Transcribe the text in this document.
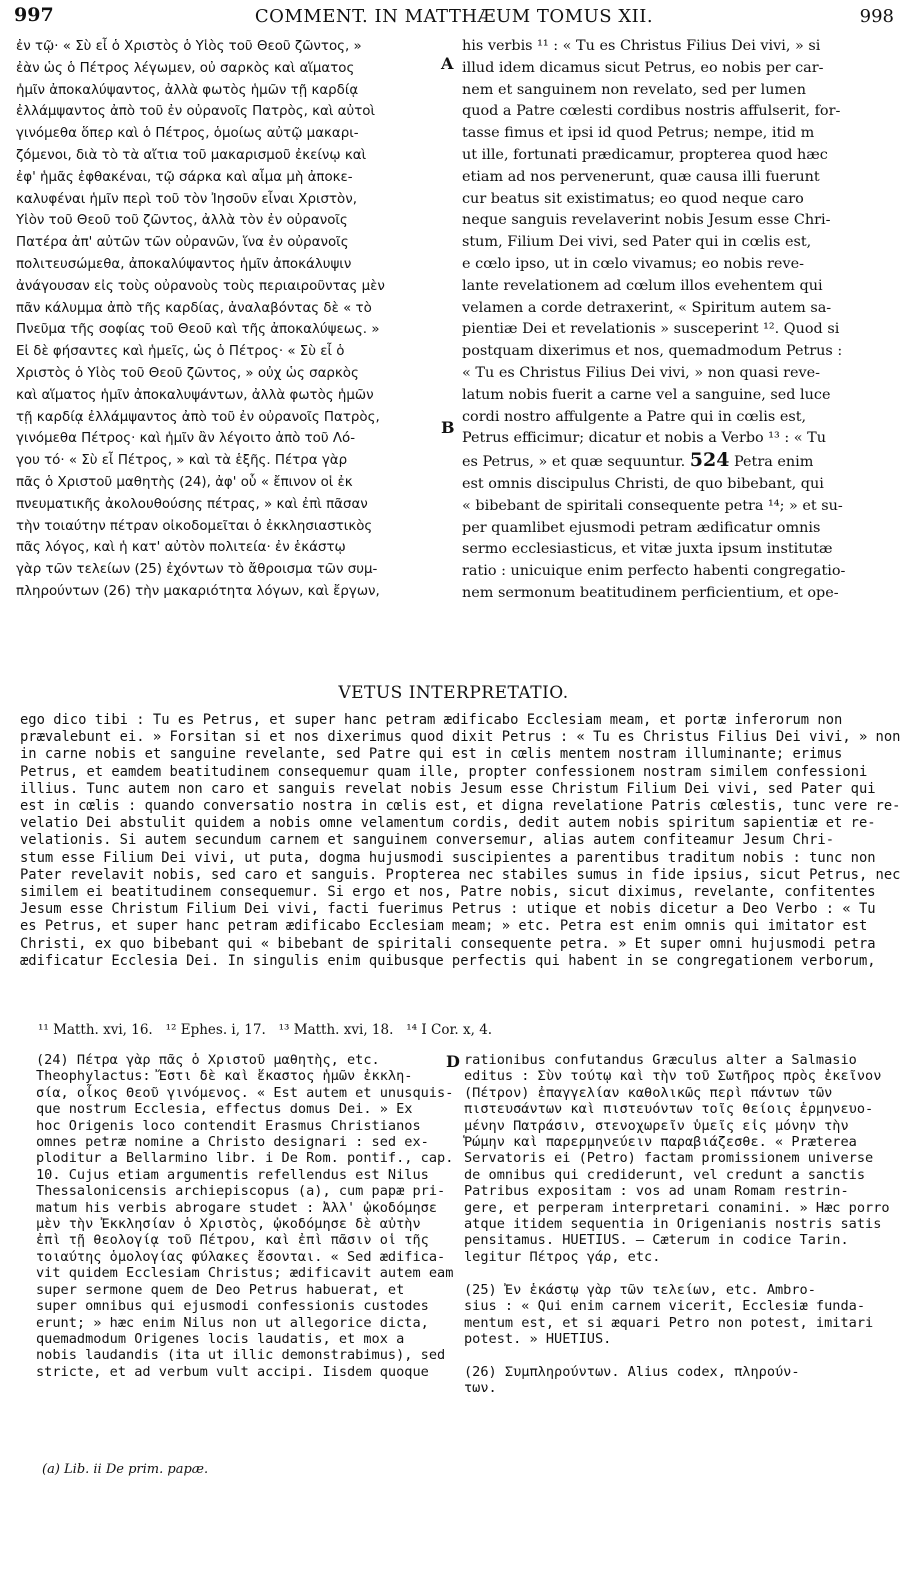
997	COMMENT. IN MATTHÆUM TOMUS XII.	998
ἐν τῷ· « Σὺ εἶ ὁ Χριστὸς ὁ Υἱὸς τοῦ Θεοῦ ζῶντος, »
ἐὰν ὡς ὁ Πέτρος λέγωμεν, οὐ σαρκὸς καὶ αἵματος
ἡμῖν ἀποκαλύψαντος, ἀλλὰ φωτὸς ἡμῶν τῇ καρδίᾳ
ἐλλάμψαντος ἀπὸ τοῦ ἐν οὐρανοῖς Πατρὸς, καὶ αὐτοὶ
γινόμεθα ὅπερ καὶ ὁ Πέτρος, ὁμοίως αὐτῷ μακαρι-
ζόμενοι, διὰ τὸ τὰ αἴτια τοῦ μακαρισμοῦ ἐκείνῳ καὶ
ἐφ' ἡμᾶς ἐφθακέναι, τῷ σάρκα καὶ αἷμα μὴ ἀποκε-
καλυφέναι ἡμῖν περὶ τοῦ τὸν Ἰησοῦν εἶναι Χριστὸν,
Υἱὸν τοῦ Θεοῦ τοῦ ζῶντος, ἀλλὰ τὸν ἐν οὐρανοῖς
Πατέρα ἀπ' αὐτῶν τῶν οὐρανῶν, ἵνα ἐν οὐρανοῖς
πολιτευσώμεθα, ἀποκαλύψαντος ἡμῖν ἀποκάλυψιν
ἀνάγουσαν εἰς τοὺς οὐρανοὺς τοὺς περιαιροῦντας μὲν
πᾶν κάλυμμα ἀπὸ τῆς καρδίας, ἀναλαβόντας δὲ « τὸ
Πνεῦμα τῆς σοφίας τοῦ Θεοῦ καὶ τῆς ἀποκαλύψεως. »
Εἰ δὲ φήσαντες καὶ ἡμεῖς, ὡς ὁ Πέτρος· « Σὺ εἶ ὁ
Χριστὸς ὁ Υἱὸς τοῦ Θεοῦ ζῶντος, » οὐχ ὡς σαρκὸς
καὶ αἵματος ἡμῖν ἀποκαλυψάντων, ἀλλὰ φωτὸς ἡμῶν
τῇ καρδίᾳ ἐλλάμψαντος ἀπὸ τοῦ ἐν οὐρανοῖς Πατρὸς,
γινόμεθα Πέτρος· καὶ ἡμῖν ἂν λέγοιτο ἀπὸ τοῦ Λό-
γου τό· « Σὺ εἶ Πέτρος, » καὶ τὰ ἑξῆς. Πέτρα γὰρ
πᾶς ὁ Χριστοῦ μαθητὴς (24), ἀφ' οὗ « ἔπινον οἱ ἐκ
πνευματικῆς ἀκολουθούσης πέτρας, » καὶ ἐπὶ πᾶσαν
τὴν τοιαύτην πέτραν οἰκοδομεῖται ὁ ἐκκλησιαστικὸς
πᾶς λόγος, καὶ ἡ κατ' αὐτὸν πολιτεία· ἐν ἑκάστῳ
γὰρ τῶν τελείων (25) ἐχόντων τὸ ἄθροισμα τῶν συμ-
πληρούντων (26) τὴν μακαριότητα λόγων, καὶ ἔργων,
A
B
his verbis ¹¹ : « Tu es Christus Filius Dei vivi, » si
illud idem dicamus sicut Petrus, eo nobis per car-
nem et sanguinem non revelato, sed per lumen
quod a Patre cœlesti cordibus nostris affulserit, for-
tasse fimus et ipsi id quod Petrus; nempe, itid m
ut ille, fortunati prædicamur, propterea quod hæc
etiam ad nos pervenerunt, quæ causa illi fuerunt
cur beatus sit existimatus; eo quod neque caro
neque sanguis revelaverint nobis Jesum esse Chri-
stum, Filium Dei vivi, sed Pater qui in cœlis est,
e cœlo ipso, ut in cœlo vivamus; eo nobis reve-
lante revelationem ad cœlum illos evehentem qui
velamen a corde detraxerint, « Spiritum autem sa-
pientiæ Dei et revelationis » susceperint ¹². Quod si
postquam dixerimus et nos, quemadmodum Petrus :
« Tu es Christus Filius Dei vivi, » non quasi reve-
latum nobis fuerit a carne vel a sanguine, sed luce
cordi nostro affulgente a Patre qui in cœlis est,
Petrus efficimur; dicatur et nobis a Verbo ¹³ : « Tu
es Petrus, » et quæ sequuntur. 524 Petra enim
est omnis discipulus Christi, de quo bibebant, qui
« bibebant de spiritali consequente petra ¹⁴; » et su-
per quamlibet ejusmodi petram ædificatur omnis
sermo ecclesiasticus, et vitæ juxta ipsum institutæ
ratio : unicuique enim perfecto habenti congregatio-
nem sermonum beatitudinem perficientium, et ope-
VETUS INTERPRETATIO.
ego dico tibi : Tu es Petrus, et super hanc petram ædificabo Ecclesiam meam, et portæ inferorum non
prævalebunt ei. » Forsitan si et nos dixerimus quod dixit Petrus : « Tu es Christus Filius Dei vivi, » non
in carne nobis et sanguine revelante, sed Patre qui est in cœlis mentem nostram illuminante; erimus
Petrus, et eamdem beatitudinem consequemur quam ille, propter confessionem nostram similem confessioni
illius. Tunc autem non caro et sanguis revelat nobis Jesum esse Christum Filium Dei vivi, sed Pater qui
est in cœlis : quando conversatio nostra in cœlis est, et digna revelatione Patris cœlestis, tunc vere re-
velatio Dei abstulit quidem a nobis omne velamentum cordis, dedit autem nobis spiritum sapientiæ et re-
velationis. Si autem secundum carnem et sanguinem conversemur, alias autem confiteamur Jesum Chri-
stum esse Filium Dei vivi, ut puta, dogma hujusmodi suscipientes a parentibus traditum nobis : tunc non
Pater revelavit nobis, sed caro et sanguis. Propterea nec stabiles sumus in fide ipsius, sicut Petrus, nec
similem ei beatitudinem consequemur. Si ergo et nos, Patre nobis, sicut diximus, revelante, confitentes
Jesum esse Christum Filium Dei vivi, facti fuerimus Petrus : utique et nobis dicetur a Deo Verbo : « Tu
es Petrus, et super hanc petram ædificabo Ecclesiam meam; » etc. Petra est enim omnis qui imitator est
Christi, ex quo bibebant qui « bibebant de spiritali consequente petra. » Et super omni hujusmodi petra
ædificatur Ecclesia Dei. In singulis enim quibusque perfectis qui habent in se congregationem verborum,
¹¹ Matth. xvi, 16.   ¹² Ephes. i, 17.   ¹³ Matth. xvi, 18.   ¹⁴ I Cor. x, 4.
(24) Πέτρα γὰρ πᾶς ὁ Χριστοῦ μαθητὴς, etc.
Theophylactus: Ἔστι δὲ καὶ ἕκαστος ἡμῶν ἐκκλη-
σία, οἶκος Θεοῦ γινόμενος. « Est autem et unusquis-
que nostrum Ecclesia, effectus domus Dei. » Ex
hoc Origenis loco contendit Erasmus Christianos
omnes petræ nomine a Christo designari : sed ex-
ploditur a Bellarmino libr. i De Rom. pontif., cap.
10. Cujus etiam argumentis refellendus est Nilus
Thessalonicensis archiepiscopus (a), cum papæ pri-
matum his verbis abrogare studet : Ἀλλ' ᾠκοδόμησε
μὲν τὴν Ἐκκλησίαν ὁ Χριστὸς, ᾠκοδόμησε δὲ αὐτὴν
ἐπὶ τῇ θεολογίᾳ τοῦ Πέτρου, καὶ ἐπὶ πᾶσιν οἱ τῆς
τοιαύτης ὁμολογίας φύλακες ἔσονται. « Sed ædifica-
vit quidem Ecclesiam Christus; ædificavit autem eam
super sermone quem de Deo Petrus habuerat, et
super omnibus qui ejusmodi confessionis custodes
erunt; » hæc enim Nilus non ut allegorice dicta,
quemadmodum Origenes locis laudatis, et mox a
nobis laudandis (ita ut illic demonstrabimus), sed
stricte, et ad verbum vult accipi. Iisdem quoque
D rationibus confutandus Græculus alter a Salmasio
editus : Σὺν τούτῳ καὶ τὴν τοῦ Σωτῆρος πρὸς ἐκεῖνον
(Πέτρον) ἐπαγγελίαν καθολικῶς περὶ πάντων τῶν
πιστευσάντων καὶ πιστευόντων τοῖς θείοις ἑρμηνευο-
μένην Πατράσιν, στενοχωρεῖν ὑμεῖς εἰς μόνην τὴν
Ῥώμην καὶ παρερμηνεύειν παραβιάζεσθε. « Præterea
Servatoris ei (Petro) factam promissionem universe
de omnibus qui crediderunt, vel credunt a sanctis
Patribus expositam : vos ad unam Romam restrin-
gere, et perperam interpretari conamini. » Hæc porro
atque itidem sequentia in Origenianis nostris satis
pensitamus. HUETIUS. — Cæterum in codice Tarin.
legitur Πέτρος γάρ, etc.

(25) Ἐν ἑκάστῳ γὰρ τῶν τελείων, etc. Ambro-
sius : « Qui enim carnem vicerit, Ecclesiæ funda-
mentum est, et si æquari Petro non potest, imitari
potest. » HUETIUS.

(26) Συμπληρούντων. Alius codex, πληρούν-
των.
(a) Lib. ii De prim. papæ.
